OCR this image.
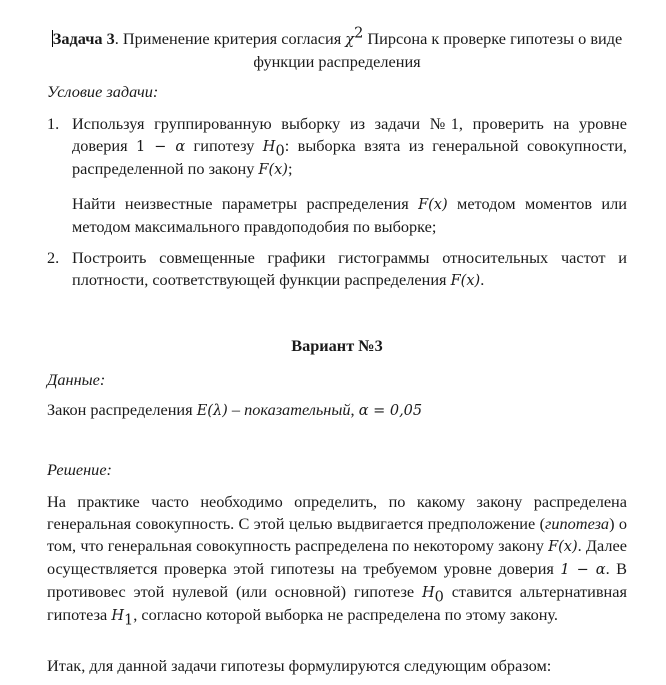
Задача 3. Применение критерия согласия $\chi^2$ Пирсона к проверке гипотезы о виде функции распределения
Условие задачи:
1. Используя группированную выборку из задачи №1, проверить на уровне доверия 1 − α гипотезу $H_0$: выборка взята из генеральной совокупности, распределенной по закону F(x);
Найти неизвестные параметры распределения F(x) методом моментов или методом максимального правдоподобия по выборке;
2. Построить совмещенные графики гистограммы относительных частот и плотности, соответствующей функции распределения F(x).
Вариант №3
Данные:
Закон распределения E(λ) – показательный, α = 0,05
Решение:
На практике часто необходимо определить, по какому закону распределена генеральная совокупность. С этой целью выдвигается предположение (гипотеза) о том, что генеральная совокупность распределена по некоторому закону F(x). Далее осуществляется проверка этой гипотезы на требуемом уровне доверия 1 − α. В противовес этой нулевой (или основной) гипотезе $H_0$ ставится альтернативная гипотеза $H_1$, согласно которой выборка не распределена по этому закону.
Итак, для данной задачи гипотезы формулируются следующим образом:
